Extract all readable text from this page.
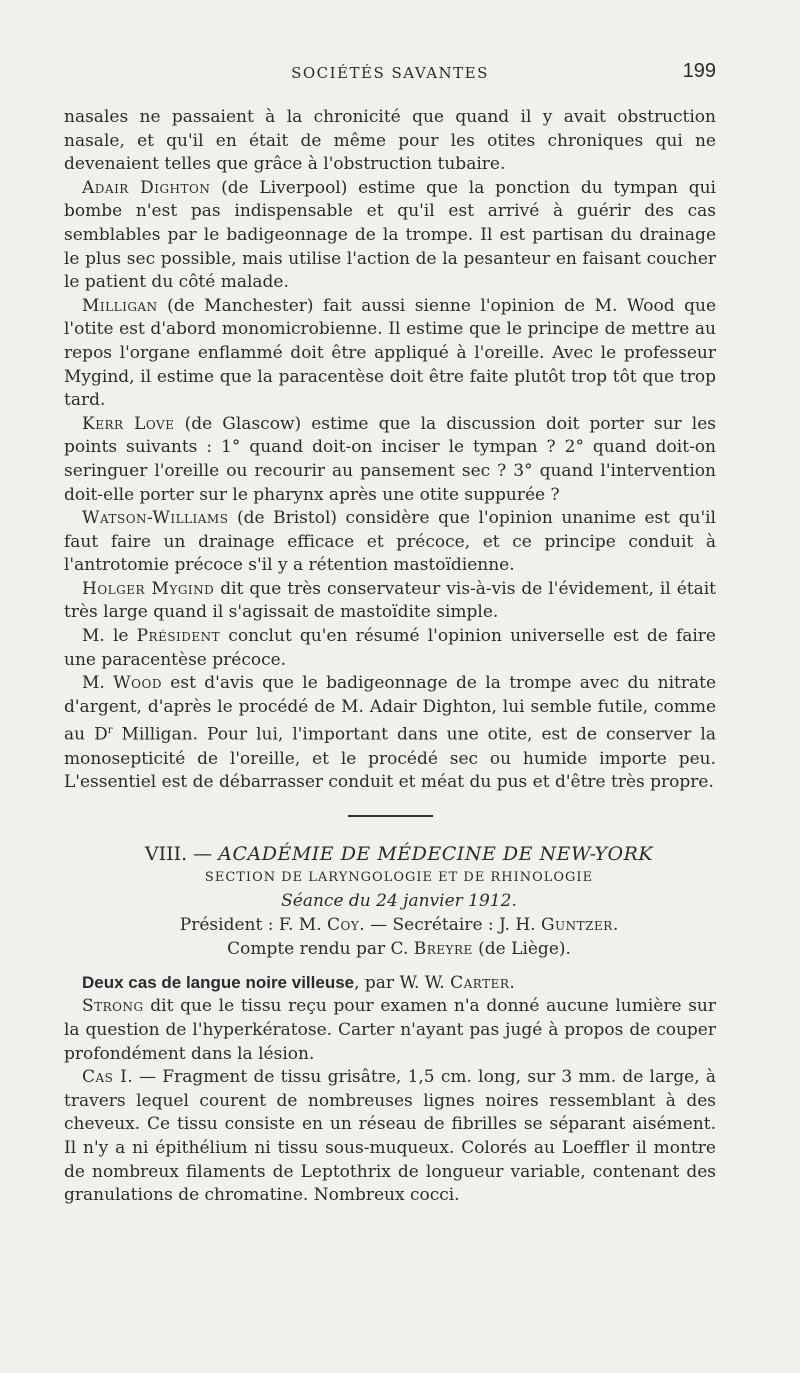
SOCIÉTÉS SAVANTES	199

nasales ne passaient à la chronicité que quand il y avait obstruction nasale, et qu'il en était de même pour les otites chroniques qui ne devenaient telles que grâce à l'obstruction tubaire.

Adair Dighton (de Liverpool) estime que la ponction du tympan qui bombe n'est pas indispensable et qu'il est arrivé à guérir des cas semblables par le badigeonnage de la trompe. Il est partisan du drainage le plus sec possible, mais utilise l'action de la pesanteur en faisant coucher le patient du côté malade.

Milligan (de Manchester) fait aussi sienne l'opinion de M. Wood que l'otite est d'abord monomicrobienne. Il estime que le principe de mettre au repos l'organe enflammé doit être appliqué à l'oreille. Avec le professeur Mygind, il estime que la paracentèse doit être faite plutôt trop tôt que trop tard.

Kerr Love (de Glascow) estime que la discussion doit porter sur les points suivants : 1° quand doit-on inciser le tympan ? 2° quand doit-on seringuer l'oreille ou recourir au pansement sec ? 3° quand l'intervention doit-elle porter sur le pharynx après une otite suppurée ?

Watson-Williams (de Bristol) considère que l'opinion unanime est qu'il faut faire un drainage efficace et précoce, et ce principe conduit à l'antrotomie précoce s'il y a rétention mastoïdienne.

Holger Mygind dit que très conservateur vis-à-vis de l'évidement, il était très large quand il s'agissait de mastoïdite simple.

M. le Président conclut qu'en résumé l'opinion universelle est de faire une paracentèse précoce.

M. Wood est d'avis que le badigeonnage de la trompe avec du nitrate d'argent, d'après le procédé de M. Adair Dighton, lui semble futile, comme au $D^r$ Milligan. Pour lui, l'important dans une otite, est de conserver la monosepticité de l'oreille, et le procédé sec ou humide importe peu. L'essentiel est de débarrasser conduit et méat du pus et d'être très propre.

VIII. — ACADÉMIE DE MÉDECINE DE NEW-YORK

SECTION DE LARYNGOLOGIE ET DE RHINOLOGIE

Séance du 24 janvier 1912.

Président : F. M. Coy. — Secrétaire : J. H. Guntzer.

Compte rendu par C. Breyre (de Liège).

Deux cas de langue noire villeuse, par W. W. Carter.

Strong dit que le tissu reçu pour examen n'a donné aucune lumière sur la question de l'hyperkératose. Carter n'ayant pas jugé à propos de couper profondément dans la lésion.

Cas I. — Fragment de tissu grisâtre, 1,5 cm. long, sur 3 mm. de large, à travers lequel courent de nombreuses lignes noires ressemblant à des cheveux. Ce tissu consiste en un réseau de fibrilles se séparant aisément. Il n'y a ni épithélium ni tissu sous-muqueux. Colorés au Loeffler il montre de nombreux filaments de Leptothrix de longueur variable, contenant des granulations de chromatine. Nombreux cocci.
